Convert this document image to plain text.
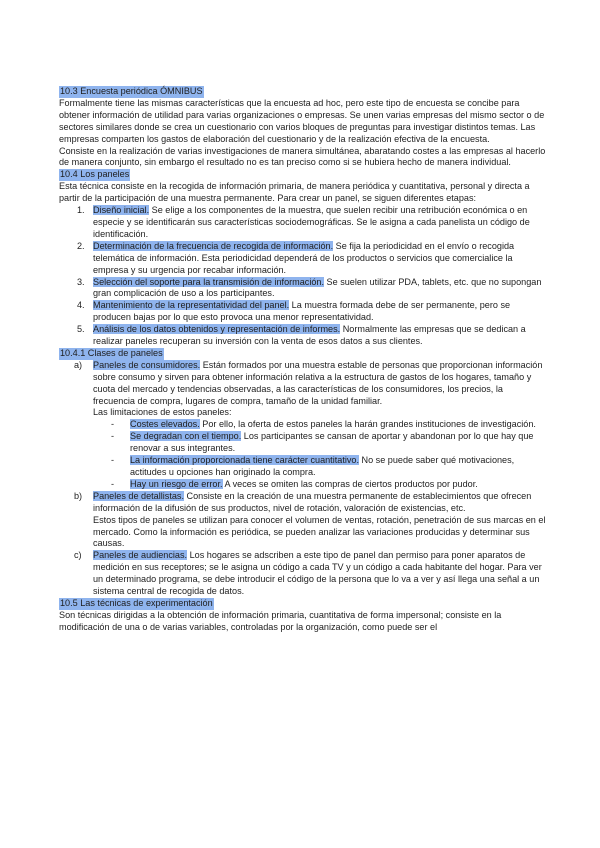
10.3 Encuesta periódica ÓMNIBUS

Formalmente tiene las mismas características que la encuesta ad hoc, pero este tipo de encuesta se concibe para obtener información de utilidad para varias organizaciones o empresas. Se unen varias empresas del mismo sector o de sectores similares donde se crea un cuestionario con varios bloques de preguntas para investigar distintos temas. Las empresas comparten los gastos de elaboración del cuestionario y de la realización efectiva de la encuesta.

Consiste en la realización de varias investigaciones de manera simultánea, abaratando costes a las empresas al hacerlo de manera conjunto, sin embargo el resultado no es tan preciso como si se hubiera hecho de manera individual.

10.4 Los paneles

Esta técnica consiste en la recogida de información primaria, de manera periódica y cuantitativa, personal y directa a partir de la participación de una muestra permanente. Para crear un panel, se siguen diferentes etapas:

1. Diseño inicial. Se elige a los componentes de la muestra, que suelen recibir una retribución económica o en especie y se identificarán sus características sociodemográficas. Se le asigna a cada panelista un código de identificación.
2. Determinación de la frecuencia de recogida de información. Se fija la periodicidad en el envío o recogida telemática de información. Esta periodicidad dependerá de los productos o servicios que comercialice la empresa y su urgencia por recabar información.
3. Selección del soporte para la transmisión de información. Se suelen utilizar PDA, tablets, etc. que no supongan gran complicación de uso a los participantes.
4. Mantenimiento de la representatividad del panel. La muestra formada debe de ser permanente, pero se producen bajas por lo que esto provoca una menor representatividad.
5. Análisis de los datos obtenidos y representación de informes. Normalmente las empresas que se dedican a realizar paneles recuperan su inversión con la venta de esos datos a sus clientes.
10.4.1 Clases de paneles
a) Paneles de consumidores. Están formados por una muestra estable de personas que proporcionan información sobre consumo y sirven para obtener información relativa a la estructura de gastos de los hogares, tamaño y cuota del mercado y tendencias observadas, a las características de los consumidores, los precios, la frecuencia de compra, lugares de compra, tamaño de la unidad familiar.

Las limitaciones de estos paneles:

- Costes elevados. Por ello, la oferta de estos paneles la harán grandes instituciones de investigación.
- Se degradan con el tiempo. Los participantes se cansan de aportar y abandonan por lo que hay que renovar a sus integrantes.
- La información proporcionada tiene carácter cuantitativo. No se puede saber qué motivaciones, actitudes u opciones han originado la compra.
- Hay un riesgo de error. A veces se omiten las compras de ciertos productos por pudor.
b) Paneles de detallistas. Consiste en la creación de una muestra permanente de establecimientos que ofrecen información de la difusión de sus productos, nivel de rotación, valoración de existencias, etc.

Estos tipos de paneles se utilizan para conocer el volumen de ventas, rotación, penetración de sus marcas en el mercado. Como la información es periódica, se pueden analizar las variaciones producidas y determinar sus causas.

c) Paneles de audiencias. Los hogares se adscriben a este tipo de panel dan permiso para poner aparatos de medición en sus receptores; se le asigna un código a cada TV y un código a cada habitante del hogar. Para ver un determinado programa, se debe introducir el código de la persona que lo va a ver y así llega una señal a un sistema central de recogida de datos.
10.5 Las técnicas de experimentación

Son técnicas dirigidas a la obtención de información primaria, cuantitativa de forma impersonal; consiste en la modificación de una o de varias variables, controladas por la organización, como puede ser el
